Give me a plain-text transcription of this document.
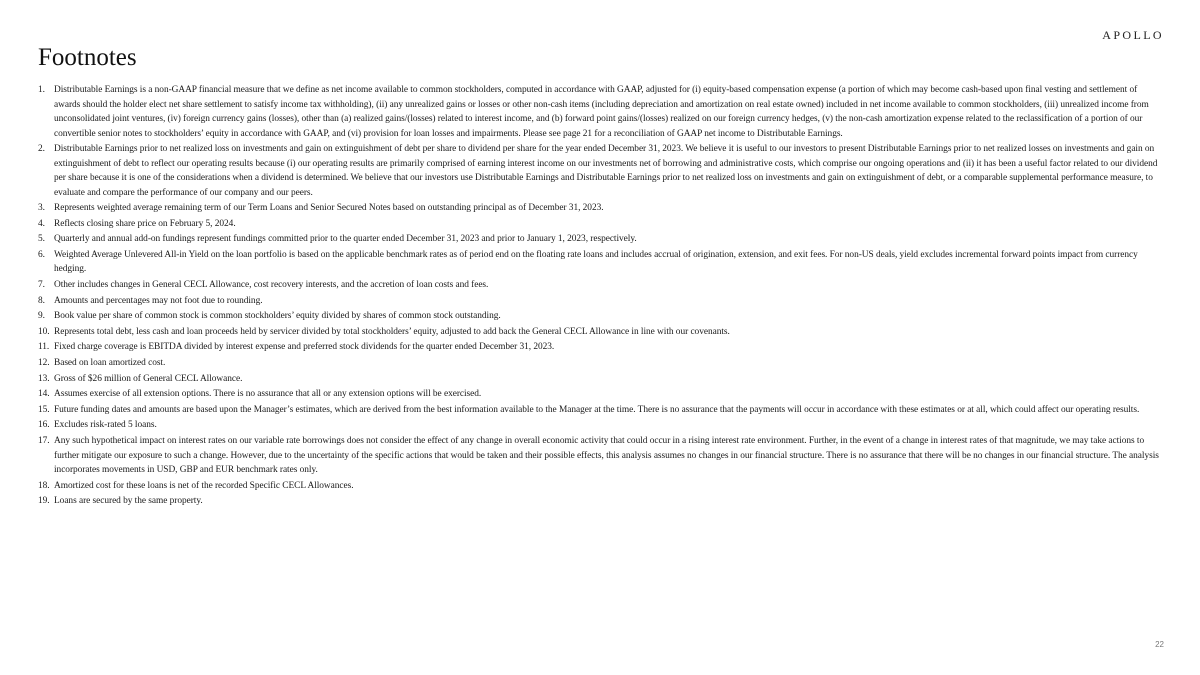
APOLLO
Footnotes
1. Distributable Earnings is a non-GAAP financial measure that we define as net income available to common stockholders, computed in accordance with GAAP, adjusted for (i) equity-based compensation expense (a portion of which may become cash-based upon final vesting and settlement of awards should the holder elect net share settlement to satisfy income tax withholding), (ii) any unrealized gains or losses or other non-cash items (including depreciation and amortization on real estate owned) included in net income available to common stockholders, (iii) unrealized income from unconsolidated joint ventures, (iv) foreign currency gains (losses), other than (a) realized gains/(losses) related to interest income, and (b) forward point gains/(losses) realized on our foreign currency hedges, (v) the non-cash amortization expense related to the reclassification of a portion of our convertible senior notes to stockholders’ equity in accordance with GAAP, and (vi) provision for loan losses and impairments. Please see page 21 for a reconciliation of GAAP net income to Distributable Earnings.
2. Distributable Earnings prior to net realized loss on investments and gain on extinguishment of debt per share to dividend per share for the year ended December 31, 2023. We believe it is useful to our investors to present Distributable Earnings prior to net realized losses on investments and gain on extinguishment of debt to reflect our operating results because (i) our operating results are primarily comprised of earning interest income on our investments net of borrowing and administrative costs, which comprise our ongoing operations and (ii) it has been a useful factor related to our dividend per share because it is one of the considerations when a dividend is determined. We believe that our investors use Distributable Earnings and Distributable Earnings prior to net realized loss on investments and gain on extinguishment of debt, or a comparable supplemental performance measure, to evaluate and compare the performance of our company and our peers.
3. Represents weighted average remaining term of our Term Loans and Senior Secured Notes based on outstanding principal as of December 31, 2023.
4. Reflects closing share price on February 5, 2024.
5. Quarterly and annual add-on fundings represent fundings committed prior to the quarter ended December 31, 2023 and prior to January 1, 2023, respectively.
6. Weighted Average Unlevered All-in Yield on the loan portfolio is based on the applicable benchmark rates as of period end on the floating rate loans and includes accrual of origination, extension, and exit fees. For non-US deals, yield excludes incremental forward points impact from currency hedging.
7. Other includes changes in General CECL Allowance, cost recovery interests, and the accretion of loan costs and fees.
8. Amounts and percentages may not foot due to rounding.
9. Book value per share of common stock is common stockholders’ equity divided by shares of common stock outstanding.
10. Represents total debt, less cash and loan proceeds held by servicer divided by total stockholders’ equity, adjusted to add back the General CECL Allowance in line with our covenants.
11. Fixed charge coverage is EBITDA divided by interest expense and preferred stock dividends for the quarter ended December 31, 2023.
12. Based on loan amortized cost.
13. Gross of $26 million of General CECL Allowance.
14. Assumes exercise of all extension options. There is no assurance that all or any extension options will be exercised.
15. Future funding dates and amounts are based upon the Manager’s estimates, which are derived from the best information available to the Manager at the time. There is no assurance that the payments will occur in accordance with these estimates or at all, which could affect our operating results.
16. Excludes risk-rated 5 loans.
17. Any such hypothetical impact on interest rates on our variable rate borrowings does not consider the effect of any change in overall economic activity that could occur in a rising interest rate environment. Further, in the event of a change in interest rates of that magnitude, we may take actions to further mitigate our exposure to such a change. However, due to the uncertainty of the specific actions that would be taken and their possible effects, this analysis assumes no changes in our financial structure. There is no assurance that there will be no changes in our financial structure. The analysis incorporates movements in USD, GBP and EUR benchmark rates only.
18. Amortized cost for these loans is net of the recorded Specific CECL Allowances.
19. Loans are secured by the same property.
22
